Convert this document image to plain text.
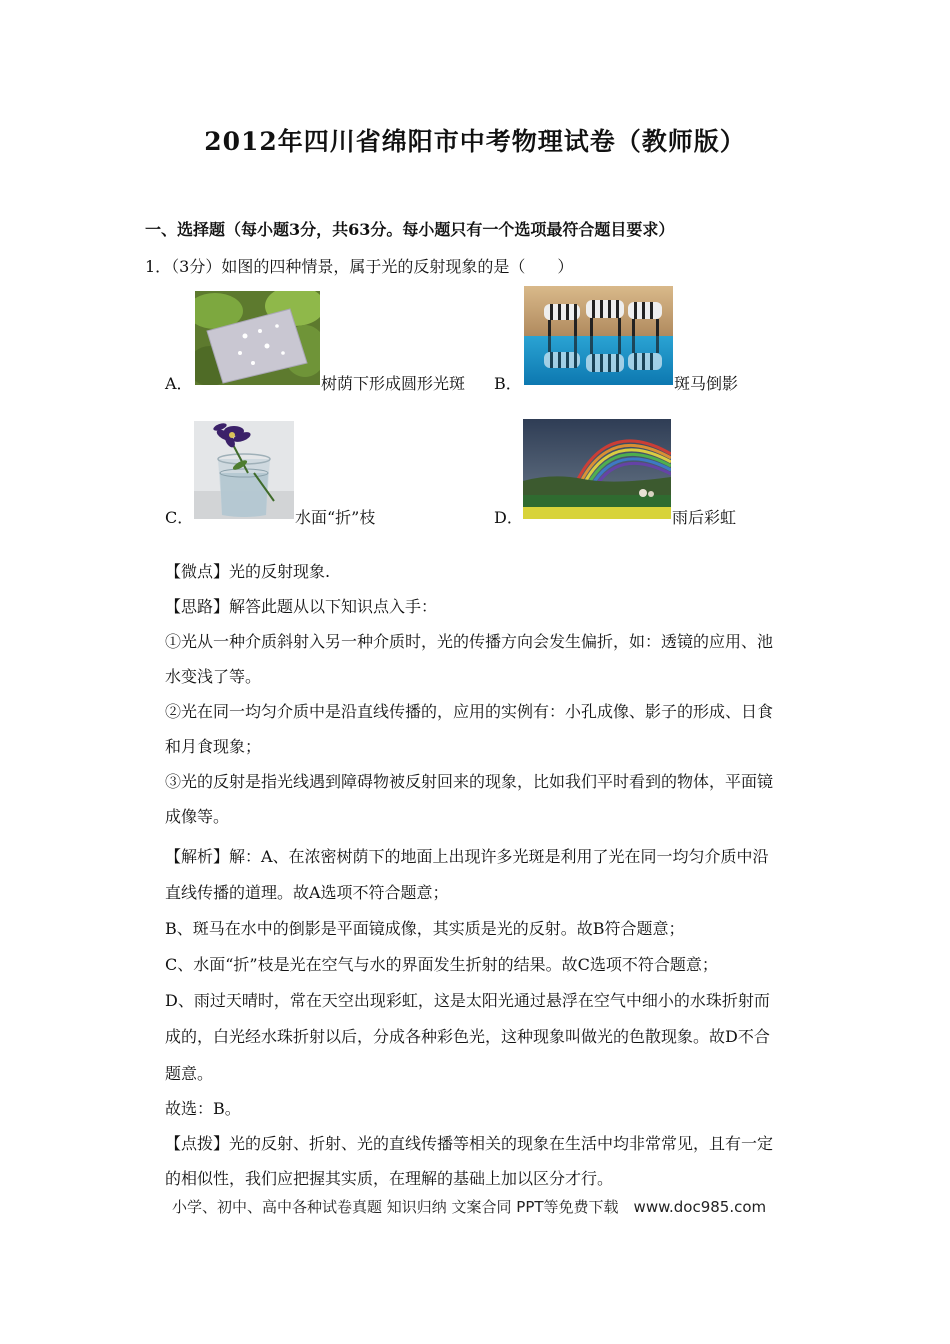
2012年四川省绵阳市中考物理试卷（教师版）
一、选择题（每小题3分，共63分。每小题只有一个选项最符合题目要求）
1．（3分）如图的四种情景，属于光的反射现象的是（　　）
A．	树荫下形成圆形光斑 B．	斑马倒影
C．	水面“折”枝	D．	雨后彩虹
【微点】光的反射现象.
【思路】解答此题从以下知识点入手：
①光从一种介质斜射入另一种介质时，光的传播方向会发生偏折，如：透镜的应用、池
水变浅了等。
②光在同一均匀介质中是沿直线传播的，应用的实例有：小孔成像、影子的形成、日食
和月食现象；
③光的反射是指光线遇到障碍物被反射回来的现象，比如我们平时看到的物体，平面镜
成像等。
【解析】解：A、在浓密树荫下的地面上出现许多光斑是利用了光在同一均匀介质中沿
直线传播的道理。故A选项不符合题意；
B、斑马在水中的倒影是平面镜成像，其实质是光的反射。故B符合题意；
C、水面“折”枝是光在空气与水的界面发生折射的结果。故C选项不符合题意；
D、雨过天晴时，常在天空出现彩虹，这是太阳光通过悬浮在空气中细小的水珠折射而
成的，白光经水珠折射以后，分成各种彩色光，这种现象叫做光的色散现象。故D不合
题意。
故选：B。
【点拨】光的反射、折射、光的直线传播等相关的现象在生活中均非常常见，且有一定
的相似性，我们应把握其实质，在理解的基础上加以区分才行。
小学、初中、高中各种试卷真题 知识归纳 文案合同 PPT等免费下载　www.doc985.com
